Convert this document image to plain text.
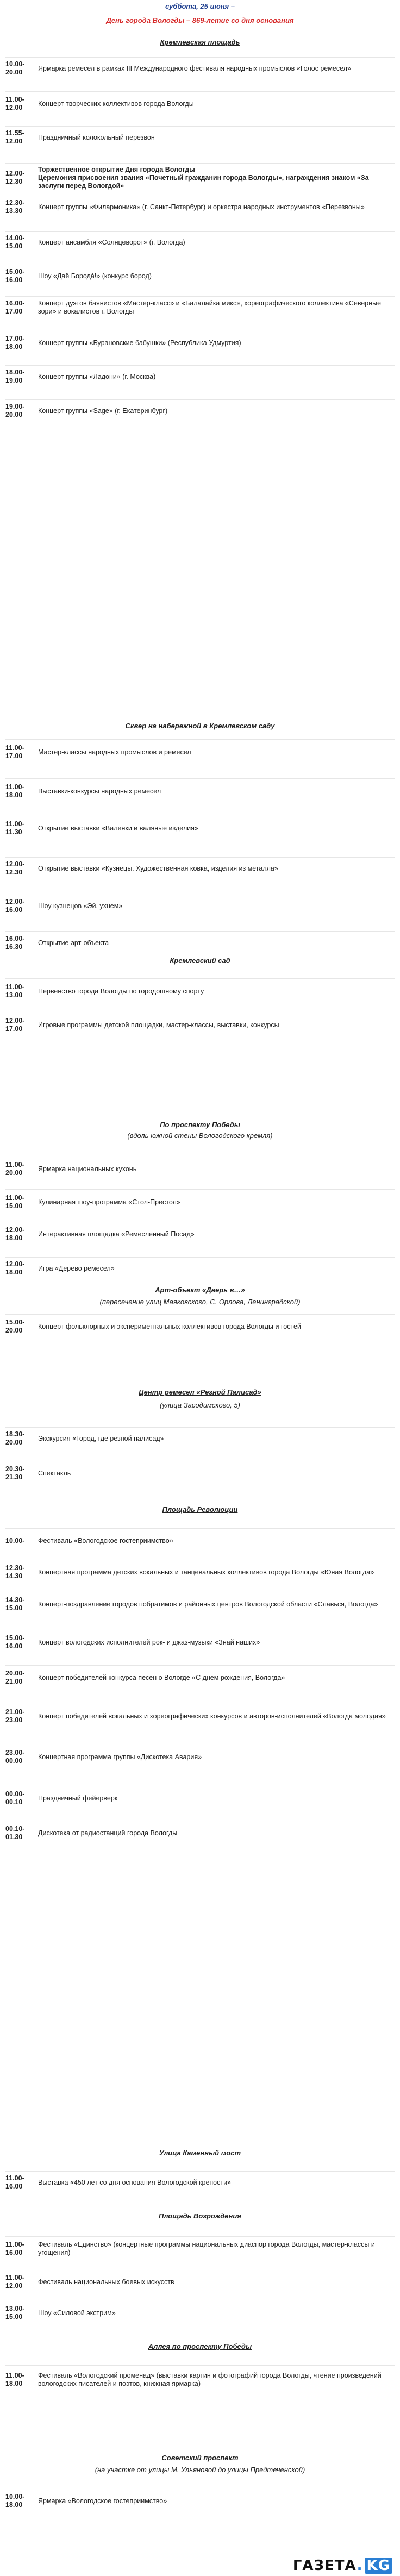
суббота, 25 июня –
День города Вологды – 869-летие со дня основания
Кремлевская площадь
10.00-
20.00
Ярмарка ремесел в рамках III Международного фестиваля народных промыслов «Голос ремесел»
11.00-
12.00
Концерт творческих коллективов города Вологды
11.55-
12.00
Праздничный колокольный перезвон
12.00-
12.30
Торжественное открытие Дня города Вологды
Церемония присвоения звания «Почетный гражданин города Вологды», награждения знаком «За заслуги перед Вологдой»
12.30-
13.30
Концерт группы «Филармоника» (г. Санкт-Петербург) и оркестра народных инструментов «Перезвоны»
14.00-
15.00
Концерт ансамбля «Солнцеворот» (г. Вологда)
15.00-
16.00
Шоу «Даё Бородá!» (конкурс бород)
16.00-
17.00
Концерт дуэтов баянистов «Мастер-класс» и «Балалайка микс», хореографического коллектива «Северные зори» и вокалистов г. Вологды
17.00-
18.00
Концерт группы «Бурановские бабушки» (Республика Удмуртия)
18.00-
19.00
Концерт группы «Ладони» (г. Москва)
19.00-
20.00
Концерт группы «Sage» (г. Екатеринбург)
Сквер на набережной в Кремлевском саду
11.00-
17.00
Мастер-классы народных промыслов и ремесел
11.00-
18.00
Выставки-конкурсы народных ремесел
11.00-
11.30
Открытие выставки «Валенки и валяные изделия»
12.00-
12.30
Открытие выставки «Кузнецы. Художественная ковка, изделия из металла»
12.00-
16.00
Шоу кузнецов «Эй, ухнем»
16.00-
16.30
Открытие арт-объекта
Кремлевский сад
11.00-
13.00
Первенство города Вологды по городошному спорту
12.00-
17.00
Игровые программы детской площадки, мастер-классы, выставки, конкурсы
По проспекту Победы
(вдоль южной стены Вологодского кремля)
11.00-
20.00
Ярмарка национальных кухонь
11.00-
15.00
Кулинарная шоу-программа «Стол-Престол»
12.00-
18.00
Интерактивная площадка «Ремесленный Посад»
12.00-
18.00
Игра «Дерево ремесел»
Арт-объект «Дверь в…»
(пересечение улиц Маяковского, С. Орлова, Ленинградской)
15.00-
20.00
Концерт фольклорных и экспериментальных коллективов города Вологды и гостей
Центр ремесел «Резной Палисад»
(улица Засодимского, 5)
18.30-
20.00
Экскурсия «Город, где резной палисад»
20.30-
21.30
Спектакль
Площадь Революции
10.00-	Фестиваль «Вологодское гостеприимство»
12.30-
14.30
Концертная программа детских вокальных и танцевальных коллективов города Вологды «Юная Вологда»
14.30-
15.00
Концерт-поздравление городов побратимов и районных центров Вологодской области «Славься, Вологда»
15.00-
16.00
Концерт вологодских исполнителей рок- и джаз-музыки «Знай наших»
20.00-
21.00
Концерт победителей конкурса песен о Вологде «С днем рождения, Вологда»
21.00-
23.00
Концерт победителей вокальных и хореографических конкурсов и авторов-исполнителей «Вологда молодая»
23.00-
00.00
Концертная программа группы «Дискотека Авария»
00.00-
00.10
Праздничный фейерверк
00.10-
01.30
Дискотека от радиостанций города Вологды
Улица Каменный мост
11.00-
16.00
Выставка «450 лет со дня основания Вологодской крепости»
Площадь Возрождения
11.00-
16.00
Фестиваль «Единство» (концертные программы национальных диаспор города Вологды, мастер-классы и угощения)
11.00-
12.00
Фестиваль национальных боевых искусств
13.00-
15.00
Шоу «Силовой экстрим»
Аллея по проспекту Победы
11.00-
18.00
Фестиваль «Вологодский променад» (выставки картин и фотографий города Вологды, чтение произведений вологодских писателей и поэтов, книжная ярмарка)
Советский проспект
(на участке от улицы М. Ульяновой до улицы Предтеченской)
10.00-
18.00
Ярмарка «Вологодское гостеприимство»
ГАЗЕТА . KG
